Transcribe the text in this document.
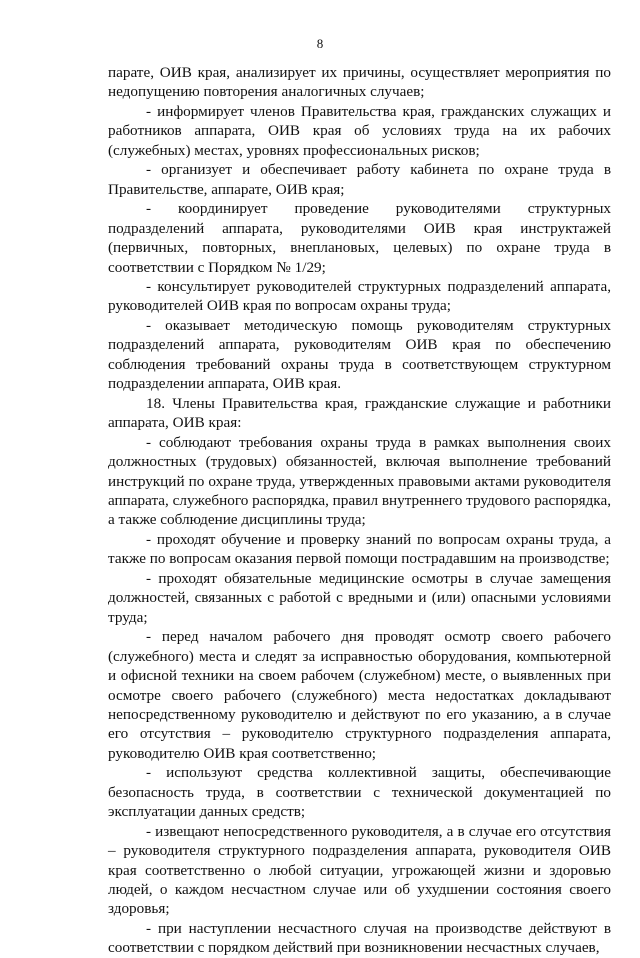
8

парате, ОИВ края, анализирует их причины, осуществляет мероприятия по недопущению повторения аналогичных случаев;

- информирует членов Правительства края, гражданских служащих и работников аппарата, ОИВ края об условиях труда на их рабочих (служебных) местах, уровнях профессиональных рисков;

- организует и обеспечивает работу кабинета по охране труда в Правительстве, аппарате, ОИВ края;

- координирует проведение руководителями структурных подразделений аппарата, руководителями ОИВ края инструктажей (первичных, повторных, внеплановых, целевых) по охране труда в соответствии с Порядком № 1/29;

- консультирует руководителей структурных подразделений аппарата, руководителей ОИВ края по вопросам охраны труда;

- оказывает методическую помощь руководителям структурных подразделений аппарата, руководителям ОИВ края по обеспечению соблюдения требований охраны труда в соответствующем структурном подразделении аппарата, ОИВ края.

18. Члены Правительства края, гражданские служащие и работники аппарата, ОИВ края:

- соблюдают требования охраны труда в рамках выполнения своих должностных (трудовых) обязанностей, включая выполнение требований инструкций по охране труда, утвержденных правовыми актами руководителя аппарата, служебного распорядка, правил внутреннего трудового распорядка, а также соблюдение дисциплины труда;

- проходят обучение и проверку знаний по вопросам охраны труда, а также по вопросам оказания первой помощи пострадавшим на производстве;

- проходят обязательные медицинские осмотры в случае замещения должностей, связанных с работой с вредными и (или) опасными условиями труда;

- перед началом рабочего дня проводят осмотр своего рабочего (служебного) места и следят за исправностью оборудования, компьютерной и офисной техники на своем рабочем (служебном) месте, о выявленных при осмотре своего рабочего (служебного) места недостатках докладывают непосредственному руководителю и действуют по его указанию, а в случае его отсутствия – руководителю структурного подразделения аппарата, руководителю ОИВ края соответственно;

- используют средства коллективной защиты, обеспечивающие безопасность труда, в соответствии с технической документацией по эксплуатации данных средств;

- извещают непосредственного руководителя, а в случае его отсутствия – руководителя структурного подразделения аппарата, руководителя ОИВ края соответственно о любой ситуации, угрожающей жизни и здоровью людей, о каждом несчастном случае или об ухудшении состояния своего здоровья;

- при наступлении несчастного случая на производстве действуют в соответствии с порядком действий при возникновении несчастных случаев,
